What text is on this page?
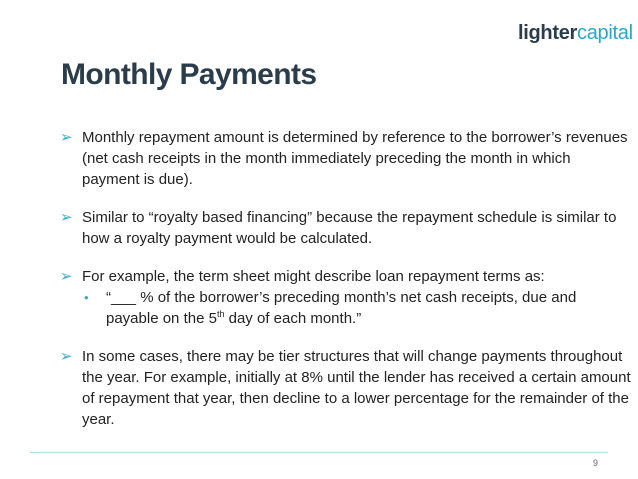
lightercapital
Monthly Payments
➢ Monthly repayment amount is determined by reference to the borrower’s revenues (net cash receipts in the month immediately preceding the month in which payment is due).
➢ Similar to “royalty based financing” because the repayment schedule is similar to how a royalty payment would be calculated.
➢ For example, the term sheet might describe loan repayment terms as:
•	“___ % of the borrower’s preceding month’s net cash receipts, due and payable on the 5th day of each month.”
➢ In some cases, there may be tier structures that will change payments throughout the year. For example, initially at 8% until the lender has received a certain amount of repayment that year, then decline to a lower percentage for the remainder of the year.
9
